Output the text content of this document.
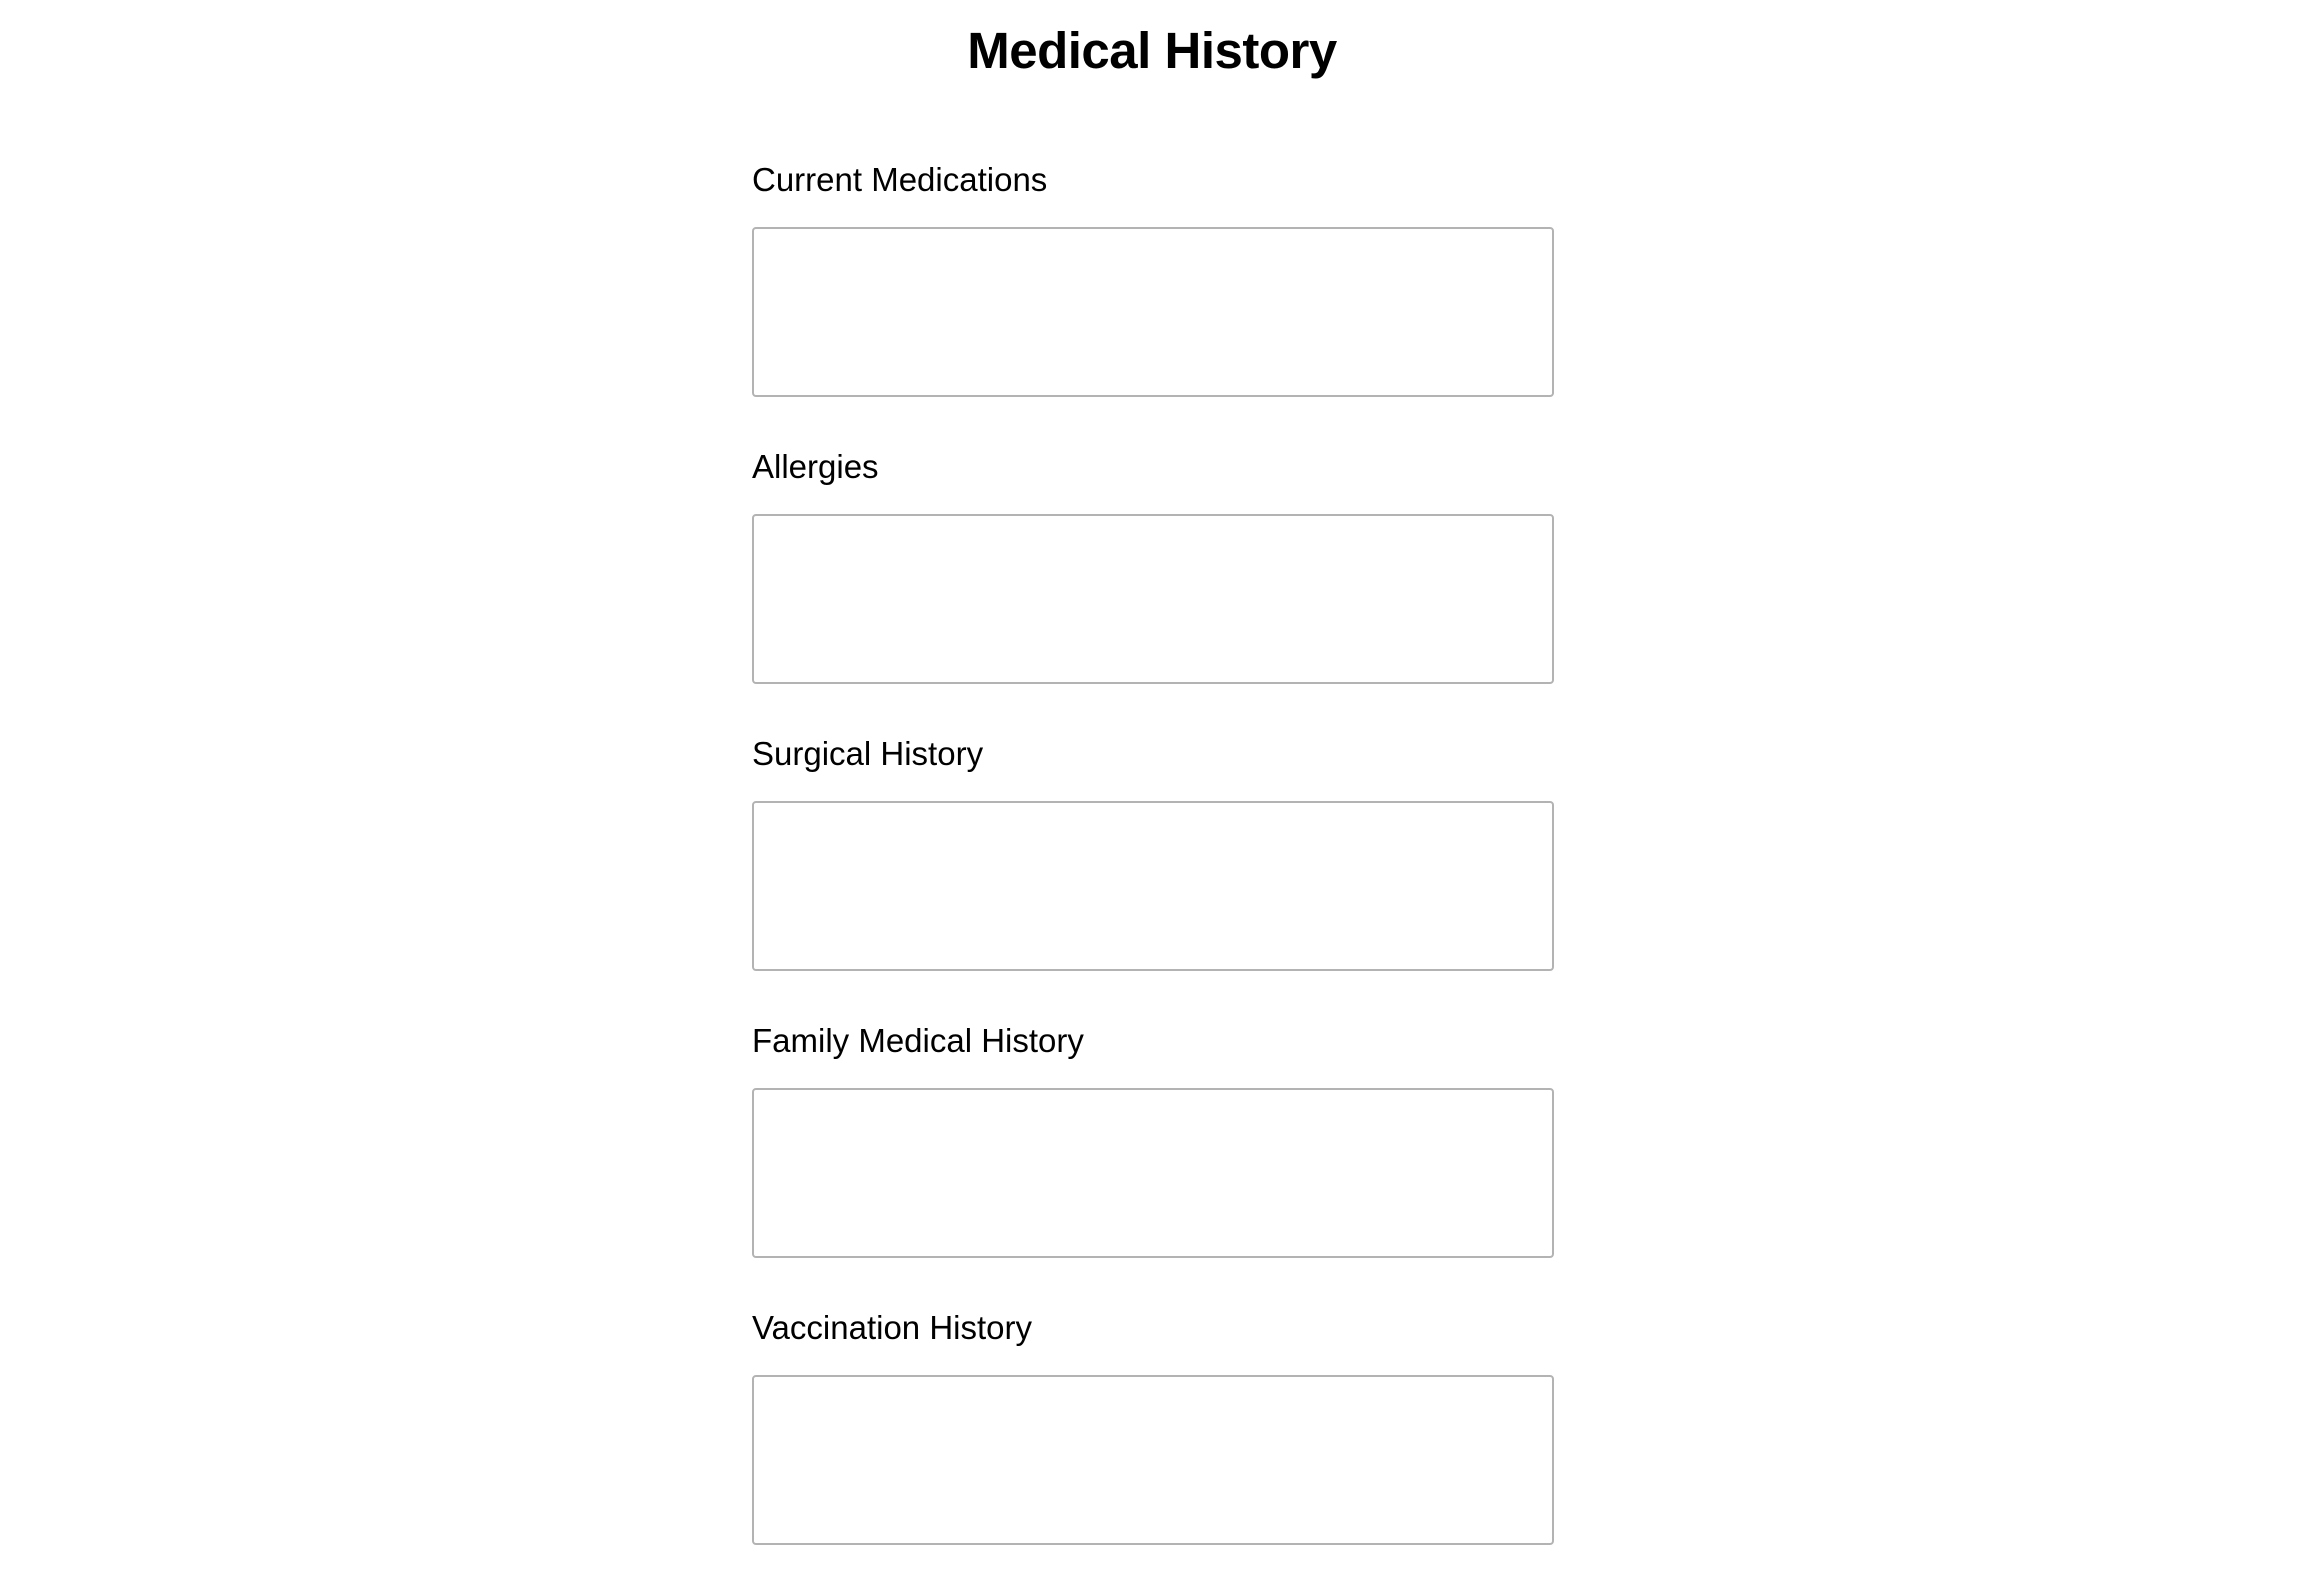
Medical History
Current Medications
Allergies
Surgical History
Family Medical History
Vaccination History
